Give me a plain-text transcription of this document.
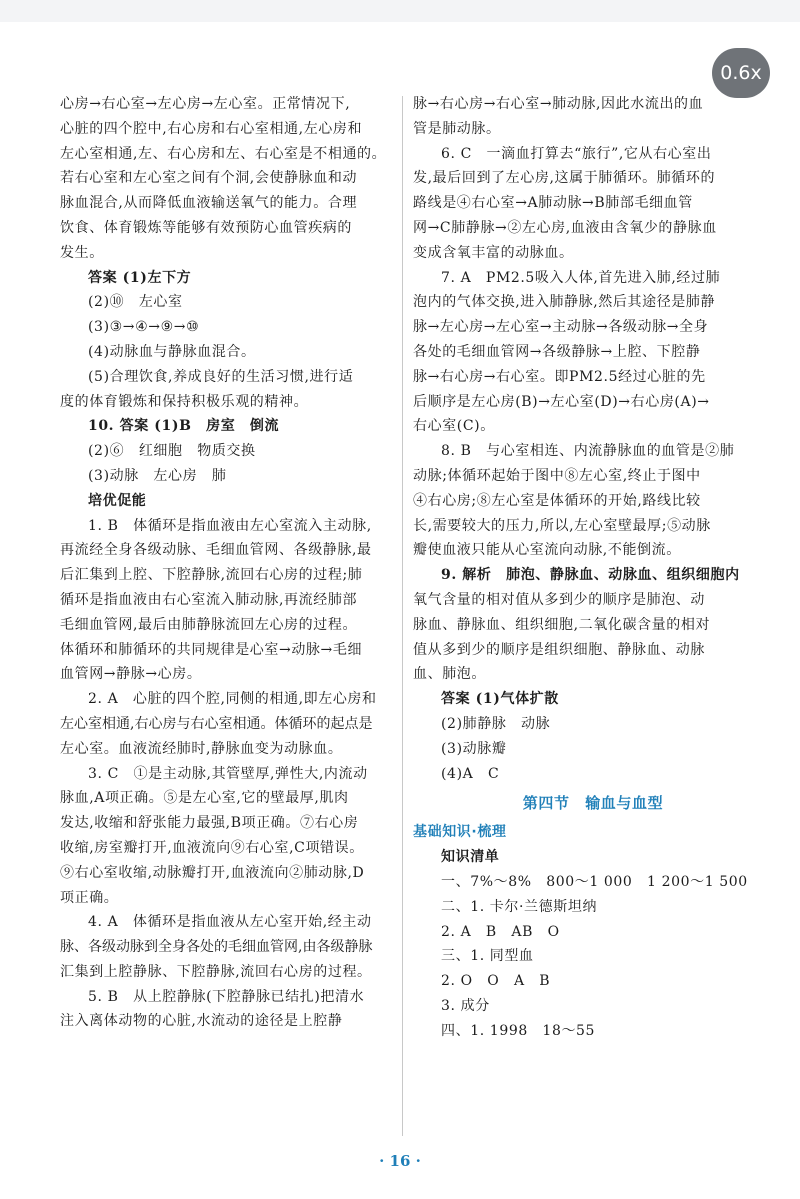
0.6x
心房→右心室→左心房→左心室。正常情况下,
心脏的四个腔中,右心房和右心室相通,左心房和
左心室相通,左、右心房和左、右心室是不相通的。
若右心室和左心室之间有个洞,会使静脉血和动
脉血混合,从而降低血液输送氧气的能力。合理
饮食、体育锻炼等能够有效预防心血管疾病的
发生。
答案 (1)左下方
(2)⑩　左心室
(3)③→④→⑨→⑩
(4)动脉血与静脉血混合。
(5)合理饮食,养成良好的生活习惯,进行适
度的体育锻炼和保持积极乐观的精神。
10. 答案 (1)B　房室　倒流
(2)⑥　红细胞　物质交换
(3)动脉　左心房　肺
培优促能
1. B　体循环是指血液由左心室流入主动脉,
再流经全身各级动脉、毛细血管网、各级静脉,最
后汇集到上腔、下腔静脉,流回右心房的过程;肺
循环是指血液由右心室流入肺动脉,再流经肺部
毛细血管网,最后由肺静脉流回左心房的过程。
体循环和肺循环的共同规律是心室→动脉→毛细
血管网→静脉→心房。
2. A　心脏的四个腔,同侧的相通,即左心房和
左心室相通,右心房与右心室相通。体循环的起点是
左心室。血液流经肺时,静脉血变为动脉血。
3. C　①是主动脉,其管壁厚,弹性大,内流动
脉血,A项正确。⑤是左心室,它的壁最厚,肌肉
发达,收缩和舒张能力最强,B项正确。⑦右心房
收缩,房室瓣打开,血液流向⑨右心室,C项错误。
⑨右心室收缩,动脉瓣打开,血液流向②肺动脉,D
项正确。
4. A　体循环是指血液从左心室开始,经主动
脉、各级动脉到全身各处的毛细血管网,由各级静脉
汇集到上腔静脉、下腔静脉,流回右心房的过程。
5. B　从上腔静脉(下腔静脉已结扎)把清水
注入离体动物的心脏,水流动的途径是上腔静
脉→右心房→右心室→肺动脉,因此水流出的血
管是肺动脉。
6. C　一滴血打算去“旅行”,它从右心室出
发,最后回到了左心房,这属于肺循环。肺循环的
路线是④右心室→A肺动脉→B肺部毛细血管
网→C肺静脉→②左心房,血液由含氧少的静脉血
变成含氧丰富的动脉血。
7. A　PM2.5吸入人体,首先进入肺,经过肺
泡内的气体交换,进入肺静脉,然后其途径是肺静
脉→左心房→左心室→主动脉→各级动脉→全身
各处的毛细血管网→各级静脉→上腔、下腔静
脉→右心房→右心室。即PM2.5经过心脏的先
后顺序是左心房(B)→左心室(D)→右心房(A)→
右心室(C)。
8. B　与心室相连、内流静脉血的血管是②肺
动脉;体循环起始于图中⑧左心室,终止于图中
④右心房;⑧左心室是体循环的开始,路线比较
长,需要较大的压力,所以,左心室壁最厚;⑤动脉
瓣使血液只能从心室流向动脉,不能倒流。
9. 解析　肺泡、静脉血、动脉血、组织细胞内
氧气含量的相对值从多到少的顺序是肺泡、动
脉血、静脉血、组织细胞,二氧化碳含量的相对
值从多到少的顺序是组织细胞、静脉血、动脉
血、肺泡。
答案 (1)气体扩散
(2)肺静脉　动脉
(3)动脉瓣
(4)A　C
第四节　输血与血型
基础知识·梳理
知识清单
一、7%～8%　800～1 000　1 200～1 500
二、1. 卡尔·兰德斯坦纳
2. A　B　AB　O
三、1. 同型血
2. O　O　A　B
3. 成分
四、1. 1998　18～55
· 16 ·
